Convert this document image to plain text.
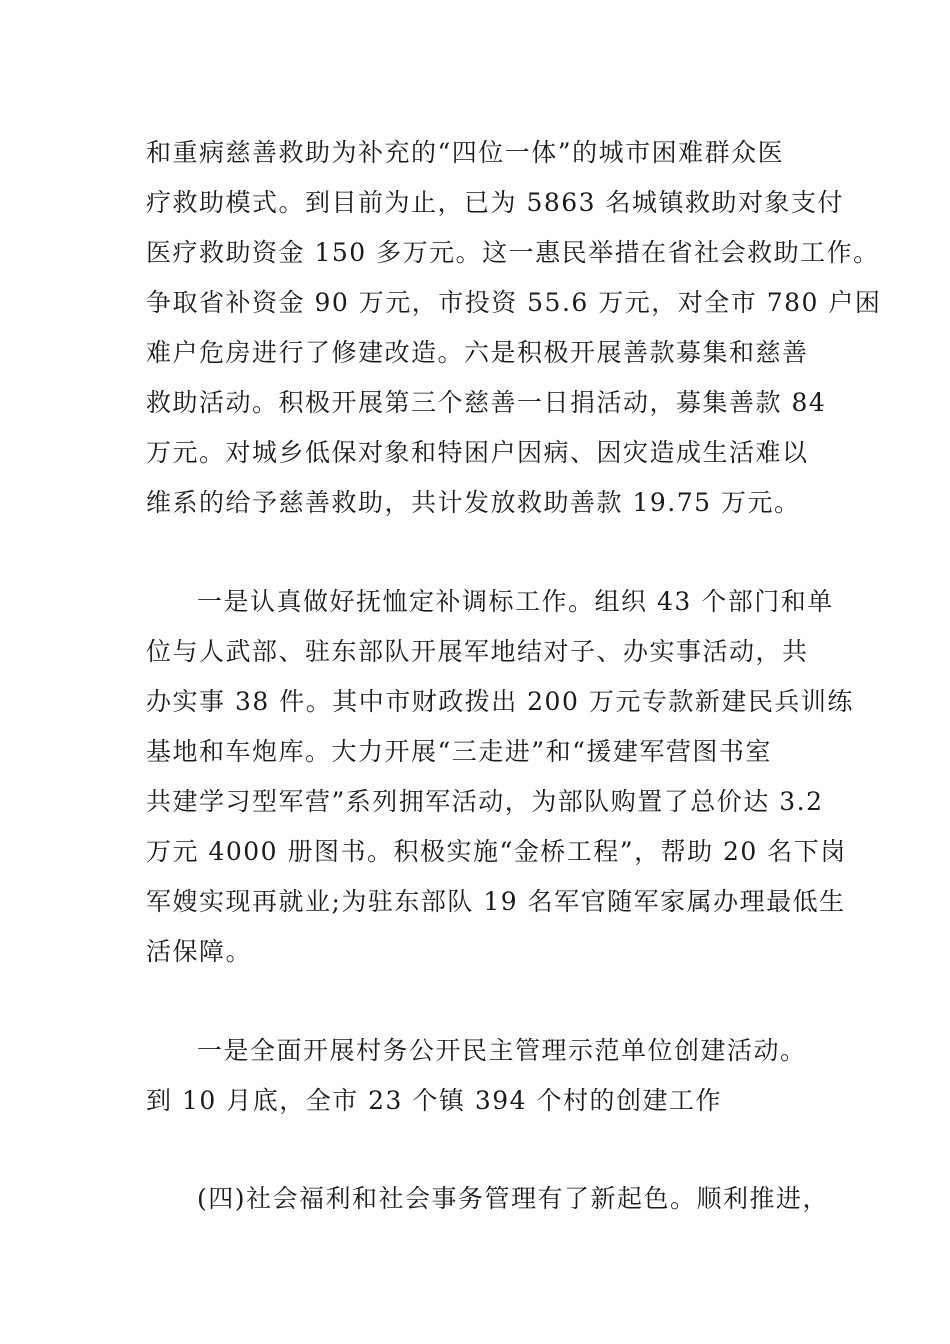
和重病慈善救助为补充的“四位一体”的城市困难群众医
疗救助模式。到目前为止，已为 5863 名城镇救助对象支付
医疗救助资金 150 多万元。这一惠民举措在省社会救助工作。
争取省补资金 90 万元，市投资 55.6 万元，对全市 780 户困
难户危房进行了修建改造。六是积极开展善款募集和慈善
救助活动。积极开展第三个慈善一日捐活动，募集善款 84
万元。对城乡低保对象和特困户因病、因灾造成生活难以
维系的给予慈善救助，共计发放救助善款 19.75 万元。
一是认真做好抚恤定补调标工作。组织 43 个部门和单
位与人武部、驻东部队开展军地结对子、办实事活动，共
办实事 38 件。其中市财政拨出 200 万元专款新建民兵训练
基地和车炮库。大力开展“三走进”和“援建军营图书室
共建学习型军营”系列拥军活动，为部队购置了总价达 3.2
万元 4000 册图书。积极实施“金桥工程”，帮助 20 名下岗
军嫂实现再就业;为驻东部队 19 名军官随军家属办理最低生
活保障。
一是全面开展村务公开民主管理示范单位创建活动。
到 10 月底，全市 23 个镇 394 个村的创建工作
(四)社会福利和社会事务管理有了新起色。顺利推进，
